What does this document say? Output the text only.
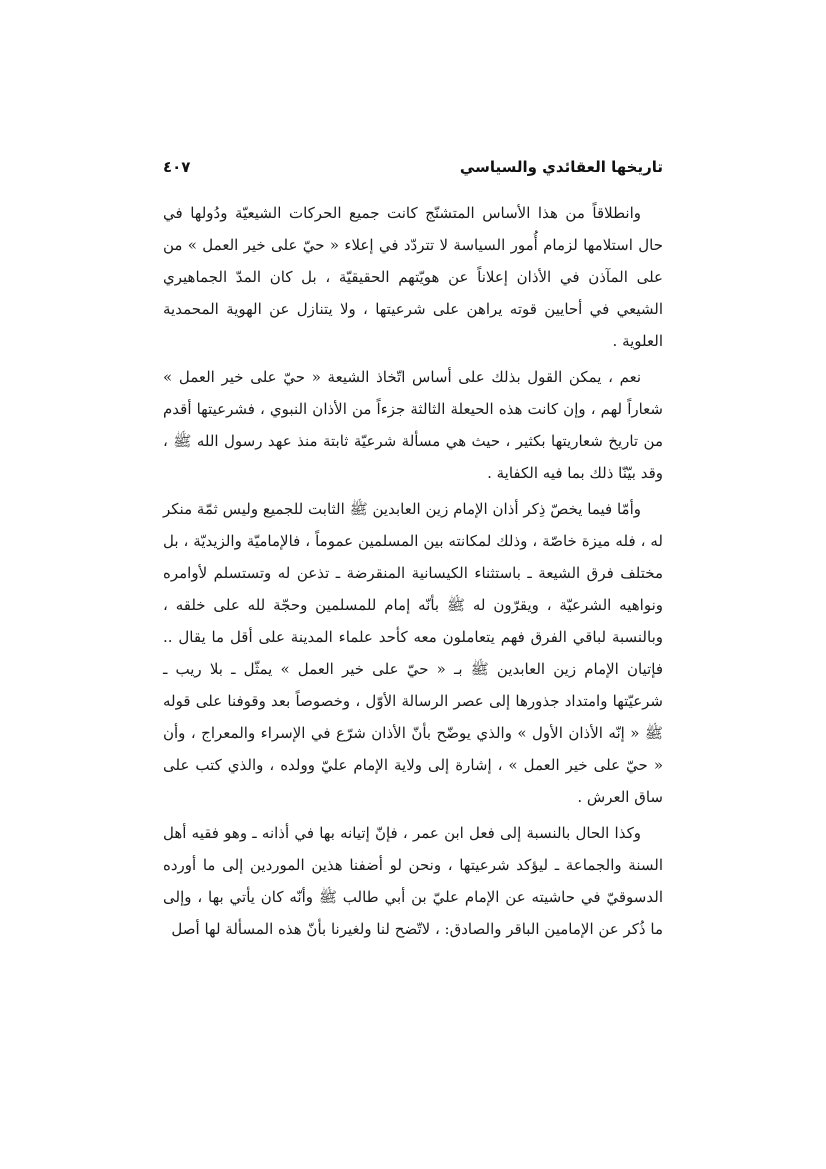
تاريخها العقائدي والسياسي
٤٠٧

وانطلاقاً من هذا الأساس المتشنّج كانت جميع الحركات الشيعيّة ودُولها في حال استلامها لزمام أُمور السياسة لا تتردّد في إعلاء « حيّ على خير العمل » من على المآذن في الأذان إعلاناً عن هويّتهم الحقيقيّة ، بل كان المدّ الجماهيري الشيعي في أحايين قوته يراهن على شرعيتها ، ولا يتنازل عن الهوية المحمدية العلوية .

نعم ، يمكن القول بذلك على أساس اتّخاذ الشيعة « حيّ على خير العمل » شعاراً لهم ، وإن كانت هذه الحيعلة الثالثة جزءاً من الأذان النبوي ، فشرعيتها أقدم من تاريخ شعاريتها بكثير ، حيث هي مسألة شرعيّة ثابتة منذ عهد رسول الله ﷺ ، وقد بيّنّا ذلك بما فيه الكفاية .

وأمّا فيما يخصّ ذِكر أذان الإمام زين العابدين ﷺ الثابت للجميع وليس ثمّة منكر له ، فله ميزة خاصّة ، وذلك لمكانته بين المسلمين عموماً ، فالإماميّة والزيديّة ، بل مختلف فرق الشيعة ـ باستثناء الكيسانية المنقرضة ـ تذعن له وتستسلم لأوامره ونواهيه الشرعيّة ، ويقرّون له ﷺ بأنّه إمام للمسلمين وحجّة لله على خلقه ، وبالنسبة لباقي الفرق فهم يتعاملون معه كأحد علماء المدينة على أقل ما يقال .. فإتيان الإمام زين العابدين ﷺ بـ « حيّ على خير العمل » يمثّل ـ بلا ريب ـ شرعيّتها وامتداد جذورها إلى عصر الرسالة الأوّل ، وخصوصاً بعد وقوفنا على قوله ﷺ « إنّه الأذان الأول » والذي يوضّح بأنّ الأذان شرّع في الإسراء والمعراج ، وأن « حيّ على خير العمل » ، إشارة إلى ولاية الإمام عليّ وولده ، والذي كتب على ساق العرش .

وكذا الحال بالنسبة إلى فعل ابن عمر ، فإنّ إتيانه بها في أذانه ـ وهو فقيه أهل السنة والجماعة ـ ليؤكد شرعيتها ، ونحن لو أضفنا هذين الموردين إلى ما أورده الدسوقيّ في حاشيته عن الإمام عليّ بن أبي طالب ﷺ وأنّه كان يأتي بها ، وإلى ما ذُكر عن الإمامين الباقر والصادق: ، لاتّضح لنا ولغيرنا بأنّ هذه المسألة لها أصل
